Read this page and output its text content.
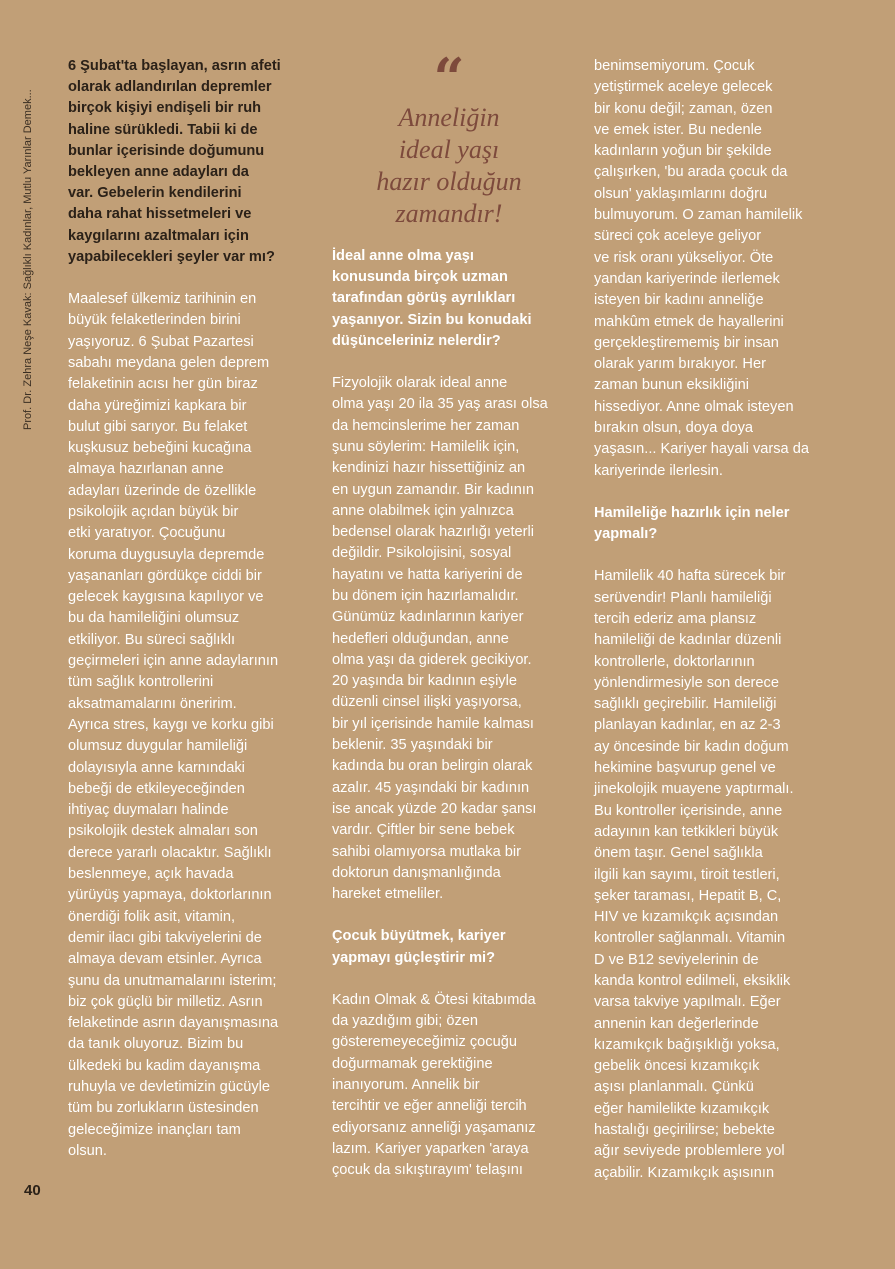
Prof. Dr. Zehra Neşe Kavak: Sağlıklı Kadınlar, Mutlu Yarınlar Demek...
40
6 Şubat'ta başlayan, asrın afeti
olarak adlandırılan depremler
birçok kişiyi endişeli bir ruh
haline sürükledi. Tabii ki de
bunlar içerisinde doğumunu
bekleyen anne adayları da
var. Gebelerin kendilerini
daha rahat hissetmeleri ve
kaygılarını azaltmaları için
yapabilecekleri şeyler var mı?
Maalesef ülkemiz tarihinin en
büyük felaketlerinden birini
yaşıyoruz. 6 Şubat Pazartesi
sabahı meydana gelen deprem
felaketinin acısı her gün biraz
daha yüreğimizi kapkara bir
bulut gibi sarıyor. Bu felaket
kuşkusuz bebeğini kucağına
almaya hazırlanan anne
adayları üzerinde de özellikle
psikolojik açıdan büyük bir
etki yaratıyor. Çocuğunu
koruma duygusuyla depremde
yaşananları gördükçe ciddi bir
gelecek kaygısına kapılıyor ve
bu da hamileliğini olumsuz
etkiliyor. Bu süreci sağlıklı
geçirmeleri için anne adaylarının
tüm sağlık kontrollerini
aksatmamalarını öneririm.
Ayrıca stres, kaygı ve korku gibi
olumsuz duygular hamileliği
dolayısıyla anne karnındaki
bebeği de etkileyeceğinden
ihtiyaç duymaları halinde
psikolojik destek almaları son
derece yararlı olacaktır. Sağlıklı
beslenmeye, açık havada
yürüyüş yapmaya, doktorlarının
önerdiği folik asit, vitamin,
demir ilacı gibi takviyelerini de
almaya devam etsinler. Ayrıca
şunu da unutmamalarını isterim;
biz çok güçlü bir milletiz. Asrın
felaketinde asrın dayanışmasına
da tanık oluyoruz. Bizim bu
ülkedeki bu kadim dayanışma
ruhuyla ve devletimizin gücüyle
tüm bu zorlukların üstesinden
geleceğimize inançları tam
olsun.
“
Anneliğin
ideal yaşı
hazır olduğun
zamandır!
İdeal anne olma yaşı
konusunda birçok uzman
tarafından görüş ayrılıkları
yaşanıyor. Sizin bu konudaki
düşünceleriniz nelerdir?
Fizyolojik olarak ideal anne
olma yaşı 20 ila 35 yaş arası olsa
da hemcinslerime her zaman
şunu söylerim: Hamilelik için,
kendinizi hazır hissettiğiniz an
en uygun zamandır. Bir kadının
anne olabilmek için yalnızca
bedensel olarak hazırlığı yeterli
değildir. Psikolojisini, sosyal
hayatını ve hatta kariyerini de
bu dönem için hazırlamalıdır.
Günümüz kadınlarının kariyer
hedefleri olduğundan, anne
olma yaşı da giderek gecikiyor.
20 yaşında bir kadının eşiyle
düzenli cinsel ilişki yaşıyorsa,
bir yıl içerisinde hamile kalması
beklenir. 35 yaşındaki bir
kadında bu oran belirgin olarak
azalır. 45 yaşındaki bir kadının
ise ancak yüzde 20 kadar şansı
vardır. Çiftler bir sene bebek
sahibi olamıyorsa mutlaka bir
doktorun danışmanlığında
hareket etmeliler.
Çocuk büyütmek, kariyer
yapmayı güçleştirir mi?
Kadın Olmak & Ötesi kitabımda
da yazdığım gibi; özen
gösteremeyeceğimiz çocuğu
doğurmamak gerektiğine
inanıyorum. Annelik bir
tercihtir ve eğer anneliği tercih
ediyorsanız anneliği yaşamanız
lazım. Kariyer yaparken 'araya
çocuk da sıkıştırayım' telaşını
benimsemiyorum. Çocuk
yetiştirmek aceleye gelecek
bir konu değil; zaman, özen
ve emek ister. Bu nedenle
kadınların yoğun bir şekilde
çalışırken, 'bu arada çocuk da
olsun' yaklaşımlarını doğru
bulmuyorum. O zaman hamilelik
süreci çok aceleye geliyor
ve risk oranı yükseliyor. Öte
yandan kariyerinde ilerlemek
isteyen bir kadını anneliğe
mahkûm etmek de hayallerini
gerçekleştirememiş bir insan
olarak yarım bırakıyor. Her
zaman bunun eksikliğini
hissediyor. Anne olmak isteyen
bırakın olsun, doya doya
yaşasın... Kariyer hayali varsa da
kariyerinde ilerlesin.
Hamileliğe hazırlık için neler
yapmalı?
Hamilelik 40 hafta sürecek bir
serüvendir! Planlı hamileliği
tercih ederiz ama plansız
hamileliği de kadınlar düzenli
kontrollerle, doktorlarının
yönlendirmesiyle son derece
sağlıklı geçirebilir. Hamileliği
planlayan kadınlar, en az 2-3
ay öncesinde bir kadın doğum
hekimine başvurup genel ve
jinekolojik muayene yaptırmalı.
Bu kontroller içerisinde, anne
adayının kan tetkikleri büyük
önem taşır. Genel sağlıkla
ilgili kan sayımı, tiroit testleri,
şeker taraması, Hepatit B, C,
HIV ve kızamıkçık açısından
kontroller sağlanmalı. Vitamin
D ve B12 seviyelerinin de
kanda kontrol edilmeli, eksiklik
varsa takviye yapılmalı. Eğer
annenin kan değerlerinde
kızamıkçık bağışıklığı yoksa,
gebelik öncesi kızamıkçık
aşısı planlanmalı. Çünkü
eğer hamilelikte kızamıkçık
hastalığı geçirilirse; bebekte
ağır seviyede problemlere yol
açabilir. Kızamıkçık aşısının
